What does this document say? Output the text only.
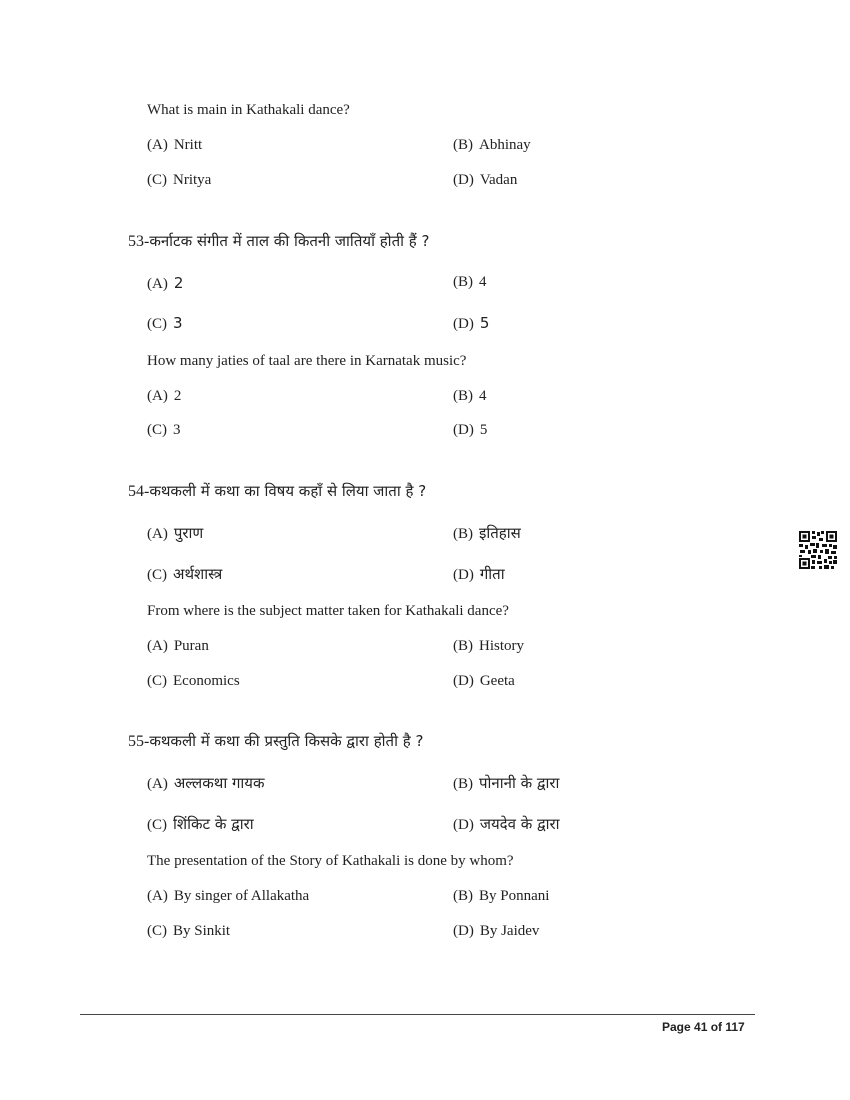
What is main in Kathakali dance?
(A) Nritt	(B) Abhinay
(C) Nritya	(D) Vadan
53-कर्नाटक संगीत में ताल की कितनी जातियाँ होती हैं ?
(A) 2	(B) 4
(C) 3	(D) 5
How many jaties of taal are there in Karnatak music?
(A) 2	(B) 4
(C) 3	(D) 5
54-कथकली में कथा का विषय कहाँ से लिया जाता है ?
(A) पुराण	(B) इतिहास
(C) अर्थशास्त्र	(D) गीता
From where is the subject matter taken for Kathakali dance?
(A) Puran	(B) History
(C) Economics	(D) Geeta
55-कथकली में कथा की प्रस्तुति किसके द्वारा होती है ?
(A) अल्लकथा गायक	(B) पोनानी के द्वारा
(C) शिंकिट के द्वारा	(D) जयदेव के द्वारा
The presentation of the Story of Kathakali is done by whom?
(A) By singer of Allakatha	(B) By Ponnani
(C) By Sinkit	(D) By Jaidev
Page 41 of 117
